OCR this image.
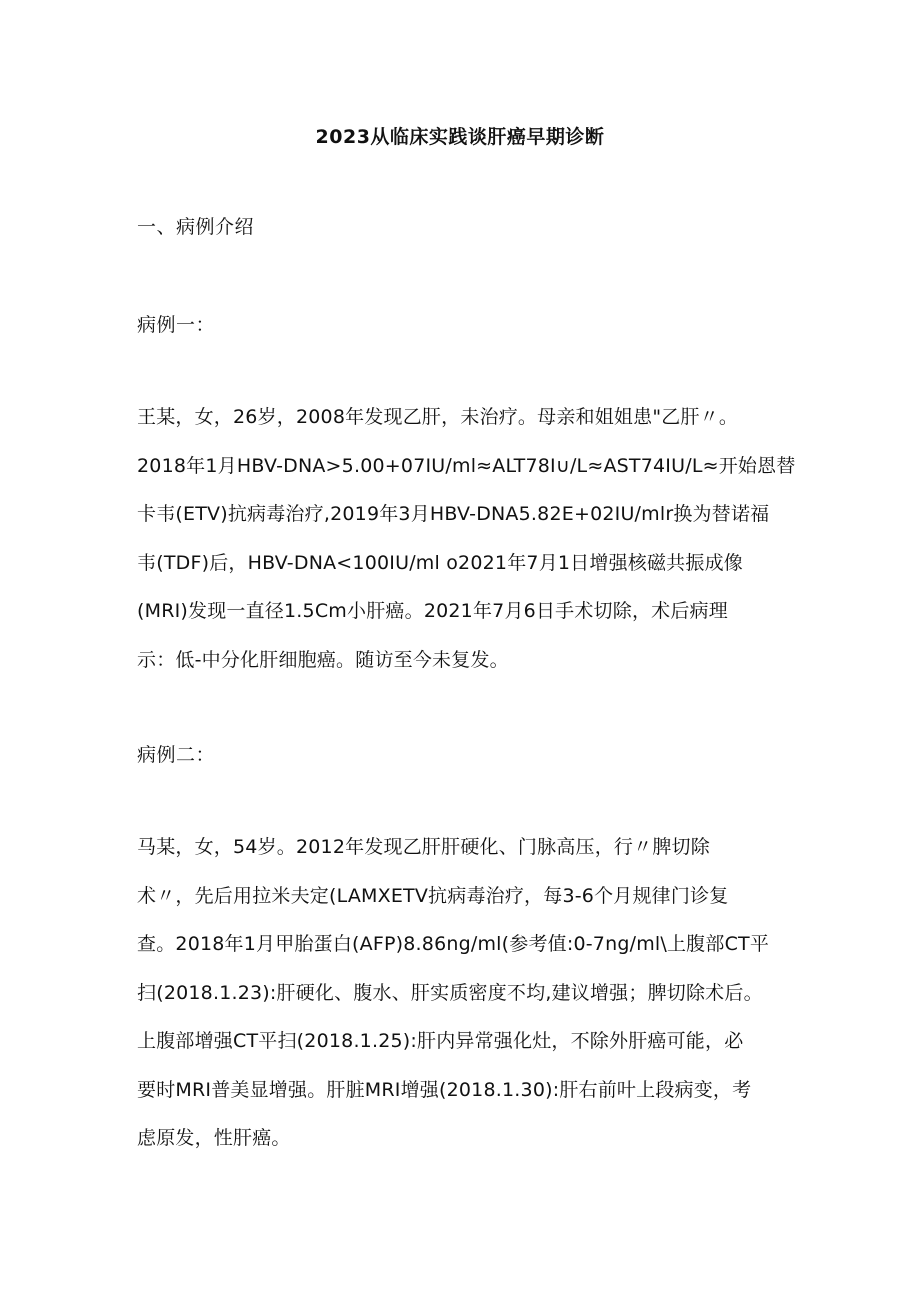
2023从临床实践谈肝癌早期诊断
一、病例介绍
病例一：
王某，女，26岁，2008年发现乙肝，未治疗。母亲和姐姐患"乙肝〃。
2018年1月HBV-DNA>5.00+07IU∕ml≈ALT78I∪∕L≈AST74IU∕L≈开始恩替
卡韦(ETV)抗病毒治疗,2019年3月HBV-DNA5.82E+02IU∕mlr换为替诺福
韦(TDF)后，HBV-DNA<100IU∕ml o2021年7月1日增强核磁共振成像
(MRI)发现一直径1.5Cm小肝癌。2021年7月6日手术切除，术后病理
示：低-中分化肝细胞癌。随访至今未复发。
病例二：
马某，女，54岁。2012年发现乙肝肝硬化、门脉高压，行〃脾切除
术〃，先后用拉米夫定(LAMXETV抗病毒治疗，每3-6个月规律门诊复
查。2018年1月甲胎蛋白(AFP)8.86ng∕ml(参考值:0-7ng∕ml\上腹部CT平
扫(2018.1.23):肝硬化、腹水、肝实质密度不均,建议增强；脾切除术后。
上腹部增强CT平扫(2018.1.25):肝内异常强化灶，不除外肝癌可能，必
要时MRI普美显增强。肝脏MRI增强(2018.1.30):肝右前叶上段病变，考
虑原发，性肝癌。
